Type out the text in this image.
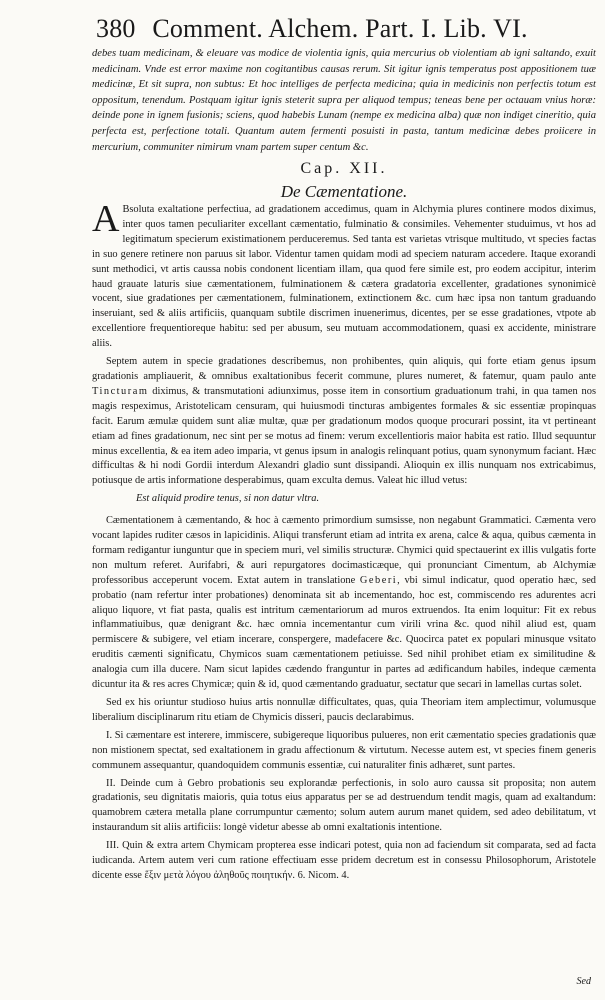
380 Comment. Alchem. Part. I. Lib. VI.
debes tuam medicinam, & eleuare vas modice de violentia ignis, quia mercurius ob violentiam ab igni saltando, exuit medicinam. Vnde est error maxime non cogitantibus causas rerum. Sit igitur ignis temperatus post appositionem tuæ medicinæ, Et sit supra, non subtus: Et hoc intelliges de perfecta medicina; quia in medicinis non perfectis totum est oppositum, tenendum. Postquam igitur ignis steterit supra per aliquod tempus; teneas bene per octauam vnius horæ: deinde pone in ignem fusionis; sciens, quod habebis Lunam (nempe ex medicina alba) quæ non indiget cineritio, quia perfecta est, perfectione totali. Quantum autem fermenti posuisti in pasta, tantum medicinæ debes proiicere in mercurium, communiter nimirum vnam partem super centum &c.
Cap. XII.
De Cæmentatione.

A Bsoluta exaltatione perfectiua, ad gradationem accedimus, quam in Alchymia plures continere modos diximus, inter quos tamen peculiariter excellant cæmentatio, fulminatio & consimiles. Vehementer studuimus, vt hos ad legitimatum specierum existimationem perduceremus. Sed tanta est varietas vtrisque multitudo, vt species factas in suo genere retinere non paruus sit labor. Videntur tamen quidam modi ad speciem naturam accedere. Itaque exorandi sunt methodici, vt artis caussa nobis condonent licentiam illam, qua quod fere simile est, pro eodem accipitur, interim haud grauate laturis siue cæmentationem, fulminationem & cætera gradatoria excellenter, gradationes synonimicè vocent, siue gradationes per cæmentationem, fulminationem, extinctionem &c. cum hæc ipsa non tantum graduando inseruiant, sed & aliis artificiis, quanquam subtile discrimen inuenerimus, dicentes, per se esse gradationes, vtpote ab excellentiore frequentioreque habitu: sed per abusum, seu mutuam accommodationem, quasi ex accidente, ministrare aliis.

Septem autem in specie gradationes describemus, non prohibentes, quin aliquis, qui forte etiam genus ipsum gradationis ampliauerit, & omnibus exaltationibus fecerit commune, plures numeret, & fatemur, quam paulo ante Tincturam diximus, & transmutationi adiunximus, posse item in consortium graduationum trahi, in qua tamen nos magis respeximus, Aristotelicam censuram, qui huiusmodi tincturas ambigentes formales & sic essentiæ propinquas facit. Earum æmulæ quidem sunt aliæ multæ, quæ per gradationum modos quoque procurari possint, ita vt pertineant etiam ad fines gradationum, nec sint per se motus ad finem: verum excellentioris maior habita est ratio. Illud sequuntur minus excellentia, & ea item adeo imparia, vt genus ipsum in analogis relinquant potius, quam synonymum faciant. Hæc difficultas & hi nodi Gordii interdum Alexandri gladio sunt dissipandi. Alioquin ex illis nunquam nos extricabimus, potiusque de artis informatione desperabimus, quam exculta demus. Valeat hic illud vetus:

Est aliquid prodire tenus, si non datur vltra.

Cæmentationem à cæmentando, & hoc à cæmento primordium sumsisse, non negabunt Grammatici. Cæmenta vero vocant lapides ruditer cæsos in lapicidinis. Aliqui transferunt etiam ad intrita ex arena, calce & aqua, quibus cæmenta in formam redigantur iunguntur que in speciem muri, vel similis structuræ. Chymici quid spectauerint ex illis vulgatis forte non multum referet. Aurifabri, & auri repurgatores docimasticæque, qui pronunciant Cimentum, ab Alchymiæ professoribus acceperunt vocem. Extat autem in translatione Geberi, vbi simul indicatur, quod operatio hæc, sed probatio (nam refertur inter probationes) denominata sit ab incementando, hoc est, commiscendo res adurentes acri aliquo liquore, vt fiat pasta, qualis est intritum cæmentariorum ad muros extruendos. Ita enim loquitur: Fit ex rebus inflammatiuibus, quæ denigrant &c. hæc omnia incementantur cum virili vrina &c. quod nihil aliud est, quam permiscere & subigere, vel etiam incerare, conspergere, madefacere &c. Quocirca patet ex populari minusque vsitato eruditis cæmenti significatu, Chymicos suam cæmentationem petiuisse. Sed nihil prohibet etiam ex similitudine & analogia cum illa ducere. Nam sicut lapides cædendo franguntur in partes ad ædificandum habiles, indeque cæmenta dicuntur ita & res acres Chymicæ; quin & id, quod cæmentando graduatur, sectatur que secari in lamellas curtas solet.

Sed ex his oriuntur studioso huius artis nonnullæ difficultates, quas, quia Theoriam item amplectimur, volumusque liberalium disciplinarum ritu etiam de Chymicis disseri, paucis declarabimus.

I. Si cæmentare est interere, immiscere, subigereque liquoribus pulueres, non erit cæmentatio species gradationis quæ non mistionem spectat, sed exaltationem in gradu affectionum & virtutum. Necesse autem est, vt species finem generis communem assequantur, quandoquidem communis essentiæ, cui naturaliter finis adhæret, sunt partes.

II. Deinde cum à Gebro probationis seu explorandæ perfectionis, in solo auro caussa sit proposita; non autem gradationis, seu dignitatis maioris, quia totus eius apparatus per se ad destruendum tendit magis, quam ad exaltandum: quamobrem cætera metalla plane corrumpuntur cæmento; solum autem aurum manet quidem, sed adeo debilitatum, vt instaurandum sit aliis artificiis: longè videtur abesse ab omni exaltationis intentione.

III. Quin & extra artem Chymicam propterea esse indicari potest, quia non ad faciendum sit comparata, sed ad facta iudicanda. Artem autem veri cum ratione effectiuam esse pridem decretum est in consessu Philosophorum, Aristotele dicente esse ἕξιν μετὰ λόγου ἀληθοῦς ποιητικήν. 6. Nicom. 4.

Sed
